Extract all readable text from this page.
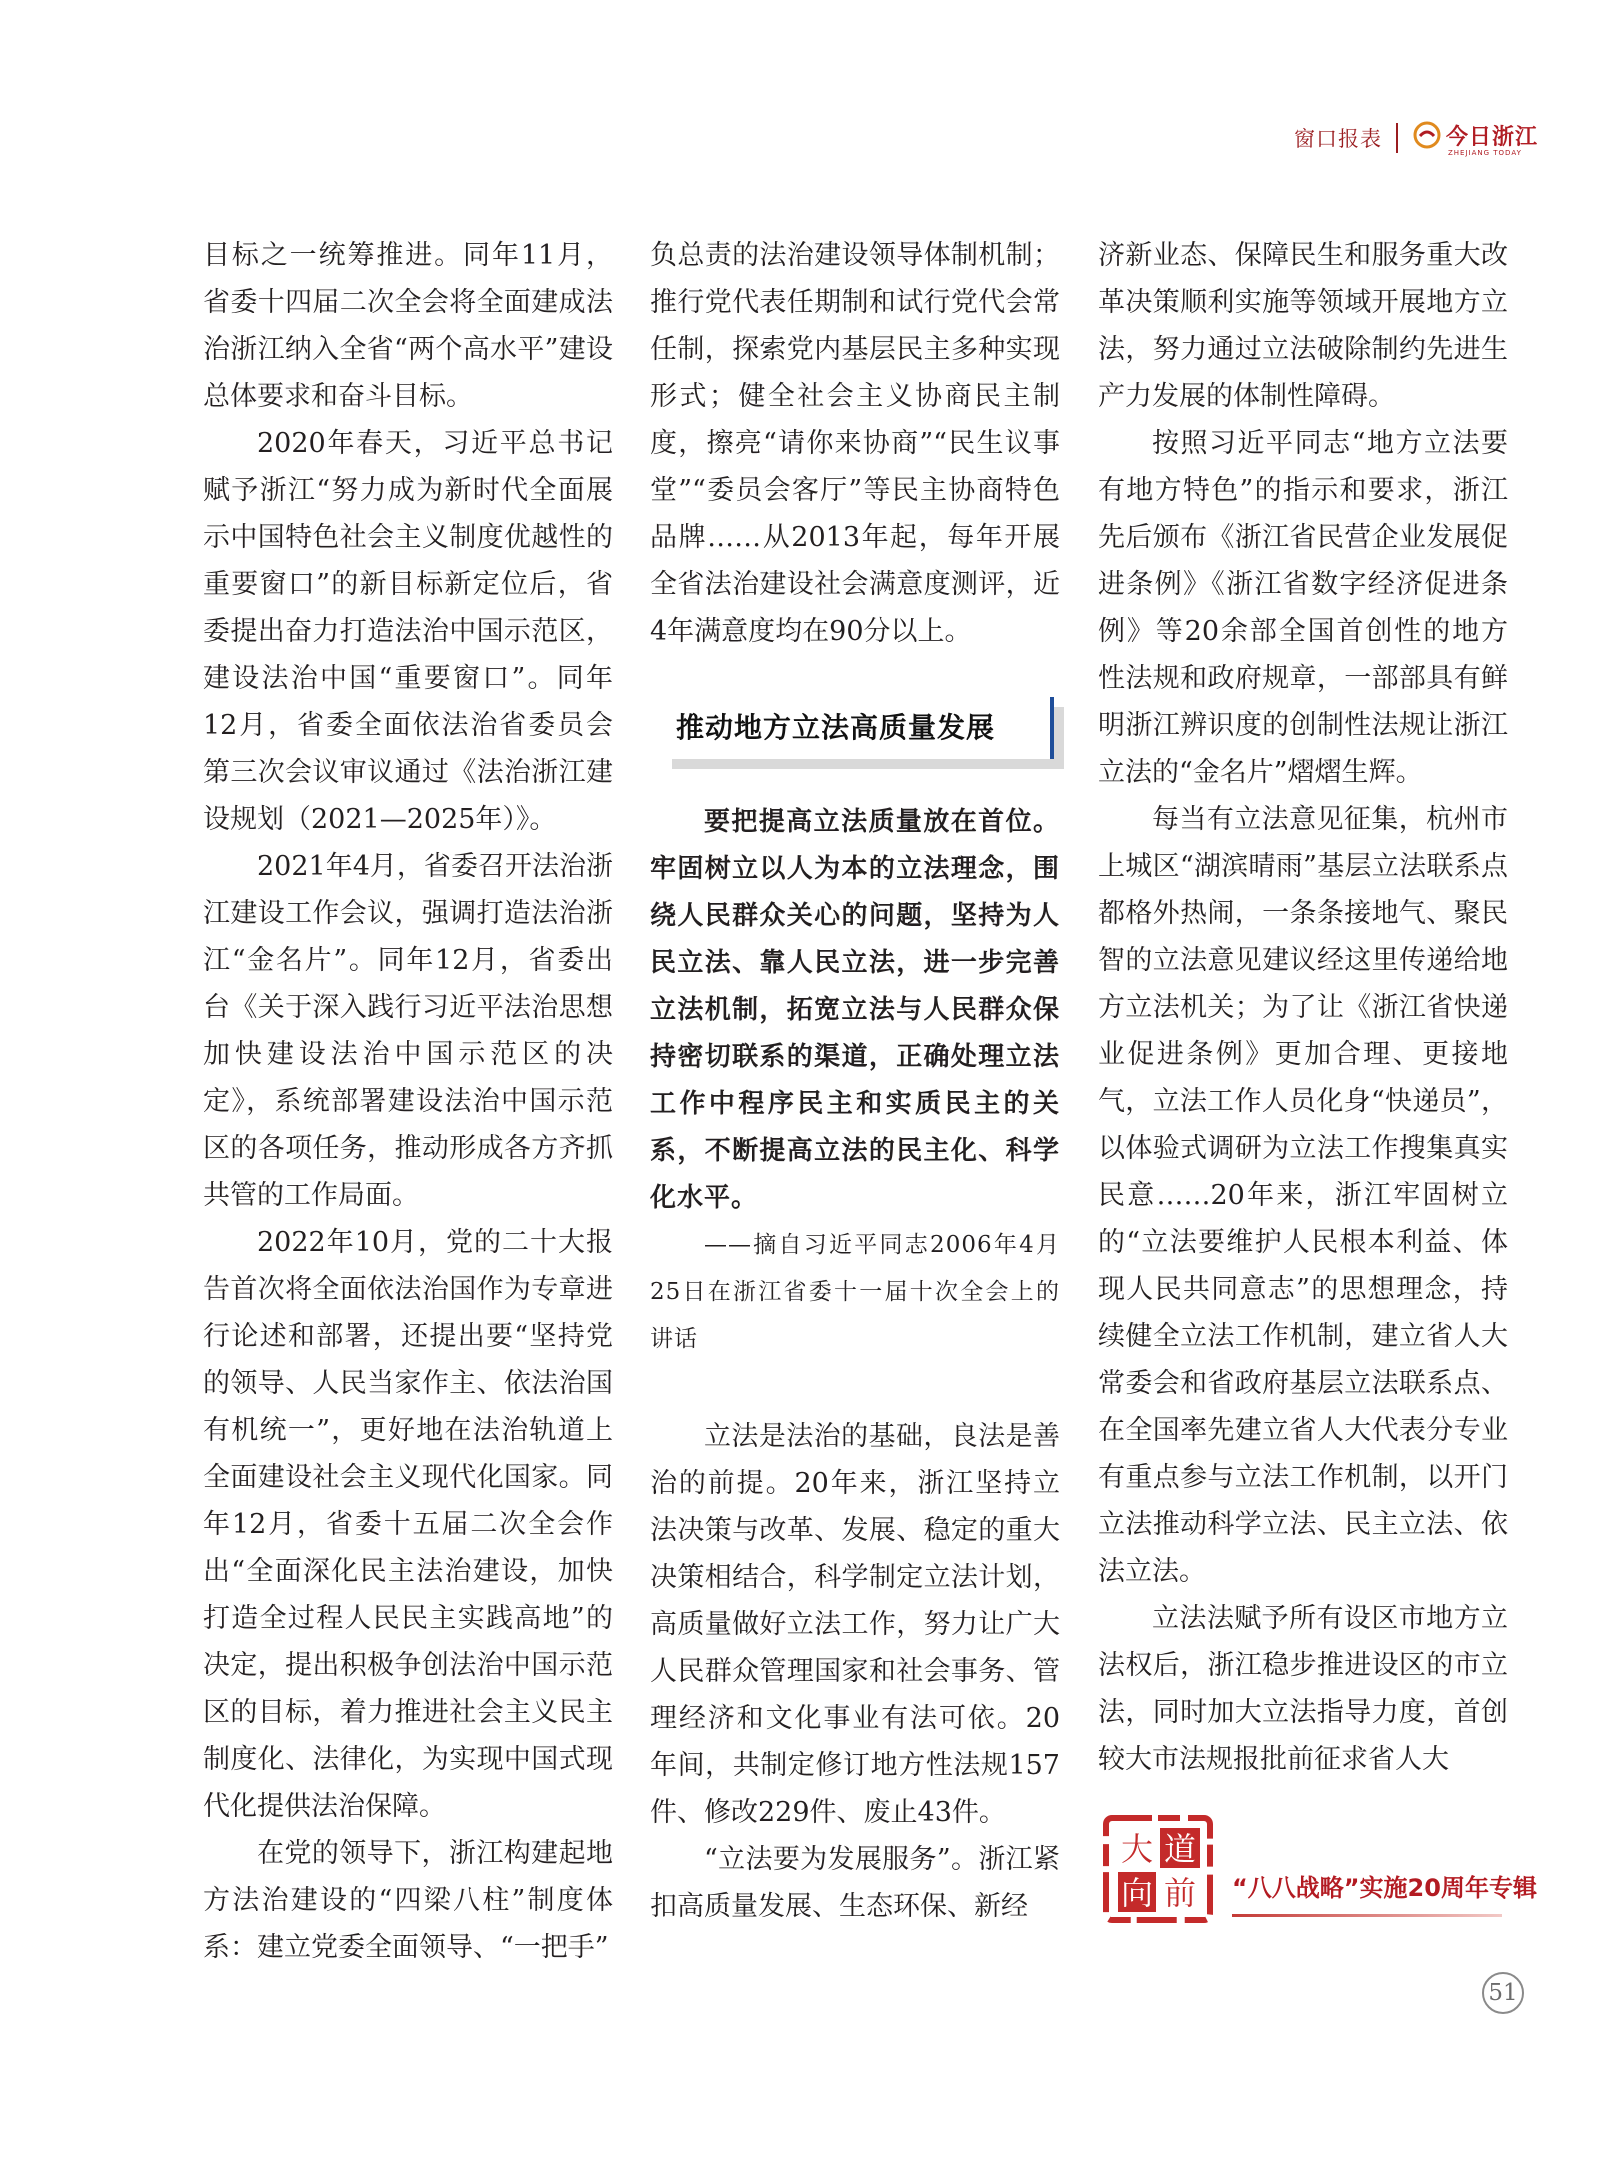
窗口报表	今日浙江
ZHEJIANG TODAY

目标之一统筹推进。同年11月，省委十四届二次全会将全面建成法治浙江纳入全省“两个高水平”建设总体要求和奋斗目标。

2020年春天，习近平总书记赋予浙江“努力成为新时代全面展示中国特色社会主义制度优越性的重要窗口”的新目标新定位后，省委提出奋力打造法治中国示范区，建设法治中国“重要窗口”。同年12月，省委全面依法治省委员会第三次会议审议通过《法治浙江建设规划（2021—2025年）》。

2021年4月，省委召开法治浙江建设工作会议，强调打造法治浙江“金名片”。同年12月，省委出台《关于深入践行习近平法治思想加快建设法治中国示范区的决定》，系统部署建设法治中国示范区的各项任务，推动形成各方齐抓共管的工作局面。

2022年10月，党的二十大报告首次将全面依法治国作为专章进行论述和部署，还提出要“坚持党的领导、人民当家作主、依法治国有机统一”，更好地在法治轨道上全面建设社会主义现代化国家。同年12月，省委十五届二次全会作出“全面深化民主法治建设，加快打造全过程人民民主实践高地”的决定，提出积极争创法治中国示范区的目标，着力推进社会主义民主制度化、法律化，为实现中国式现代化提供法治保障。

在党的领导下，浙江构建起地方法治建设的“四梁八柱”制度体系：建立党委全面领导、“一把手”

负总责的法治建设领导体制机制；推行党代表任期制和试行党代会常任制，探索党内基层民主多种实现形式；健全社会主义协商民主制度，擦亮“请你来协商”“民生议事堂”“委员会客厅”等民主协商特色品牌……从2013年起，每年开展全省法治建设社会满意度测评，近4年满意度均在90分以上。

推动地方立法高质量发展

要把提高立法质量放在首位。牢固树立以人为本的立法理念，围绕人民群众关心的问题，坚持为人民立法、靠人民立法，进一步完善立法机制，拓宽立法与人民群众保持密切联系的渠道，正确处理立法工作中程序民主和实质民主的关系，不断提高立法的民主化、科学化水平。

——摘自习近平同志2006年4月25日在浙江省委十一届十次全会上的讲话

立法是法治的基础，良法是善治的前提。20年来，浙江坚持立法决策与改革、发展、稳定的重大决策相结合，科学制定立法计划，高质量做好立法工作，努力让广大人民群众管理国家和社会事务、管理经济和文化事业有法可依。20年间，共制定修订地方性法规157件、修改229件、废止43件。

“立法要为发展服务”。浙江紧扣高质量发展、生态环保、新经

济新业态、保障民生和服务重大改革决策顺利实施等领域开展地方立法，努力通过立法破除制约先进生产力发展的体制性障碍。

按照习近平同志“地方立法要有地方特色”的指示和要求，浙江先后颁布《浙江省民营企业发展促进条例》《浙江省数字经济促进条例》等20余部全国首创性的地方性法规和政府规章，一部部具有鲜明浙江辨识度的创制性法规让浙江立法的“金名片”熠熠生辉。

每当有立法意见征集，杭州市上城区“湖滨晴雨”基层立法联系点都格外热闹，一条条接地气、聚民智的立法意见建议经这里传递给地方立法机关；为了让《浙江省快递业促进条例》更加合理、更接地气，立法工作人员化身“快递员”，以体验式调研为立法工作搜集真实民意……20年来，浙江牢固树立的“立法要维护人民根本利益、体现人民共同意志”的思想理念，持续健全立法工作机制，建立省人大常委会和省政府基层立法联系点、在全国率先建立省人大代表分专业有重点参与立法工作机制，以开门立法推动科学立法、民主立法、依法立法。

立法法赋予所有设区市地方立法权后，浙江稳步推进设区的市立法，同时加大立法指导力度，首创较大市法规报批前征求省人大

大 道
向 前 “八八战略”实施20周年专辑
51
